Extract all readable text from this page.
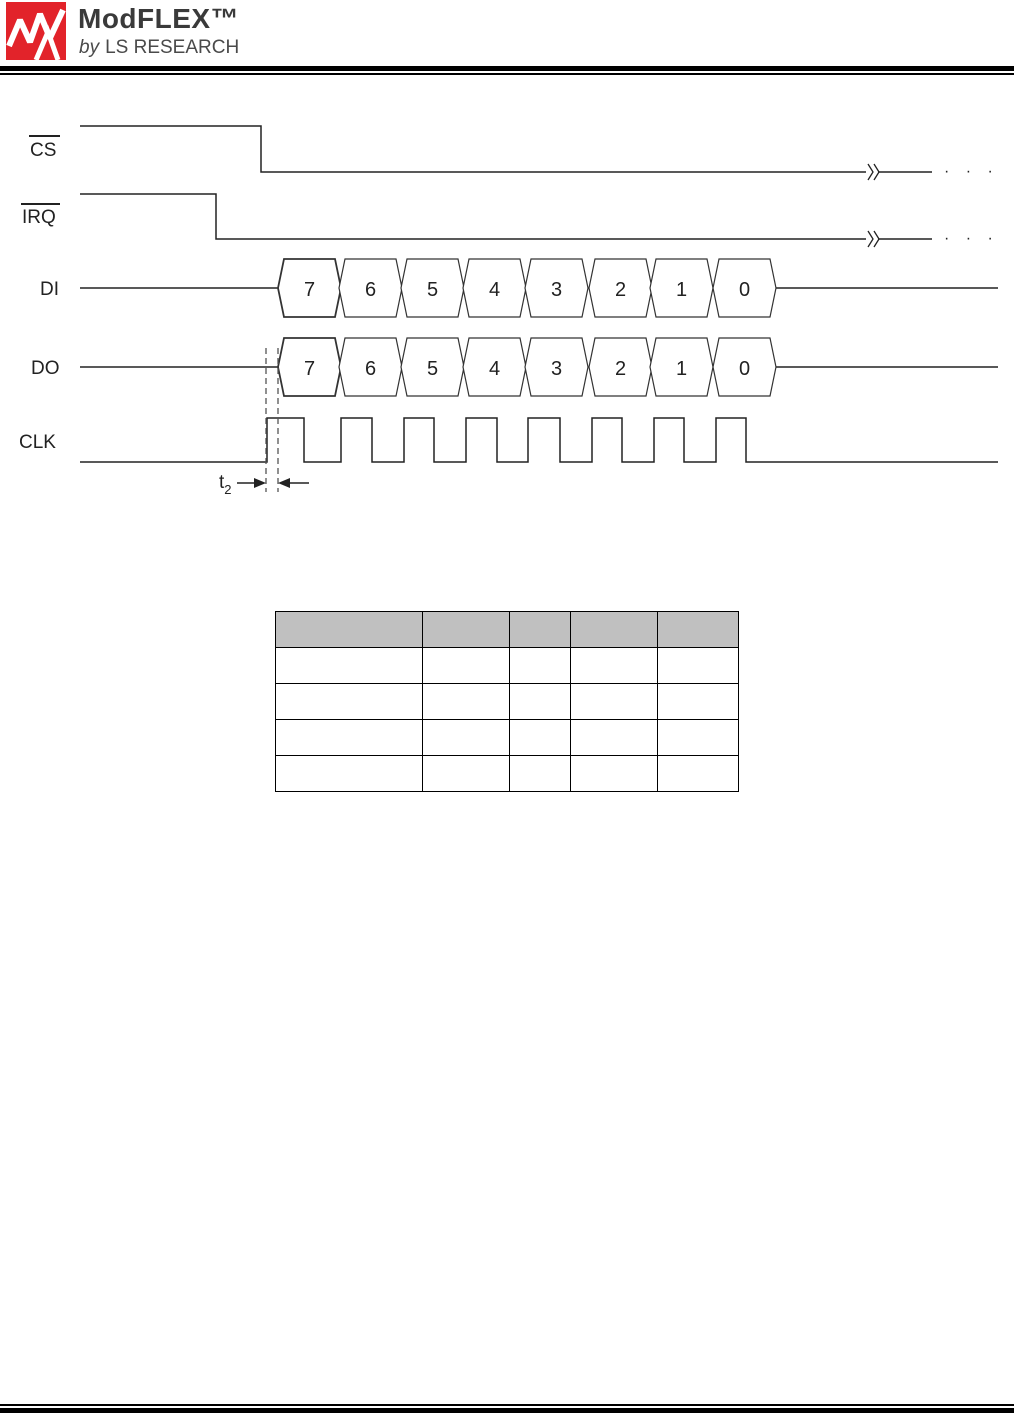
ModFLEX™
by LS RESEARCH
CS
IRQ
DI
DO
CLK
· · ·
· · ·
7 6	5	4	3	2 1	0
7 6	5	4	3	2 1	0
$t_2$
